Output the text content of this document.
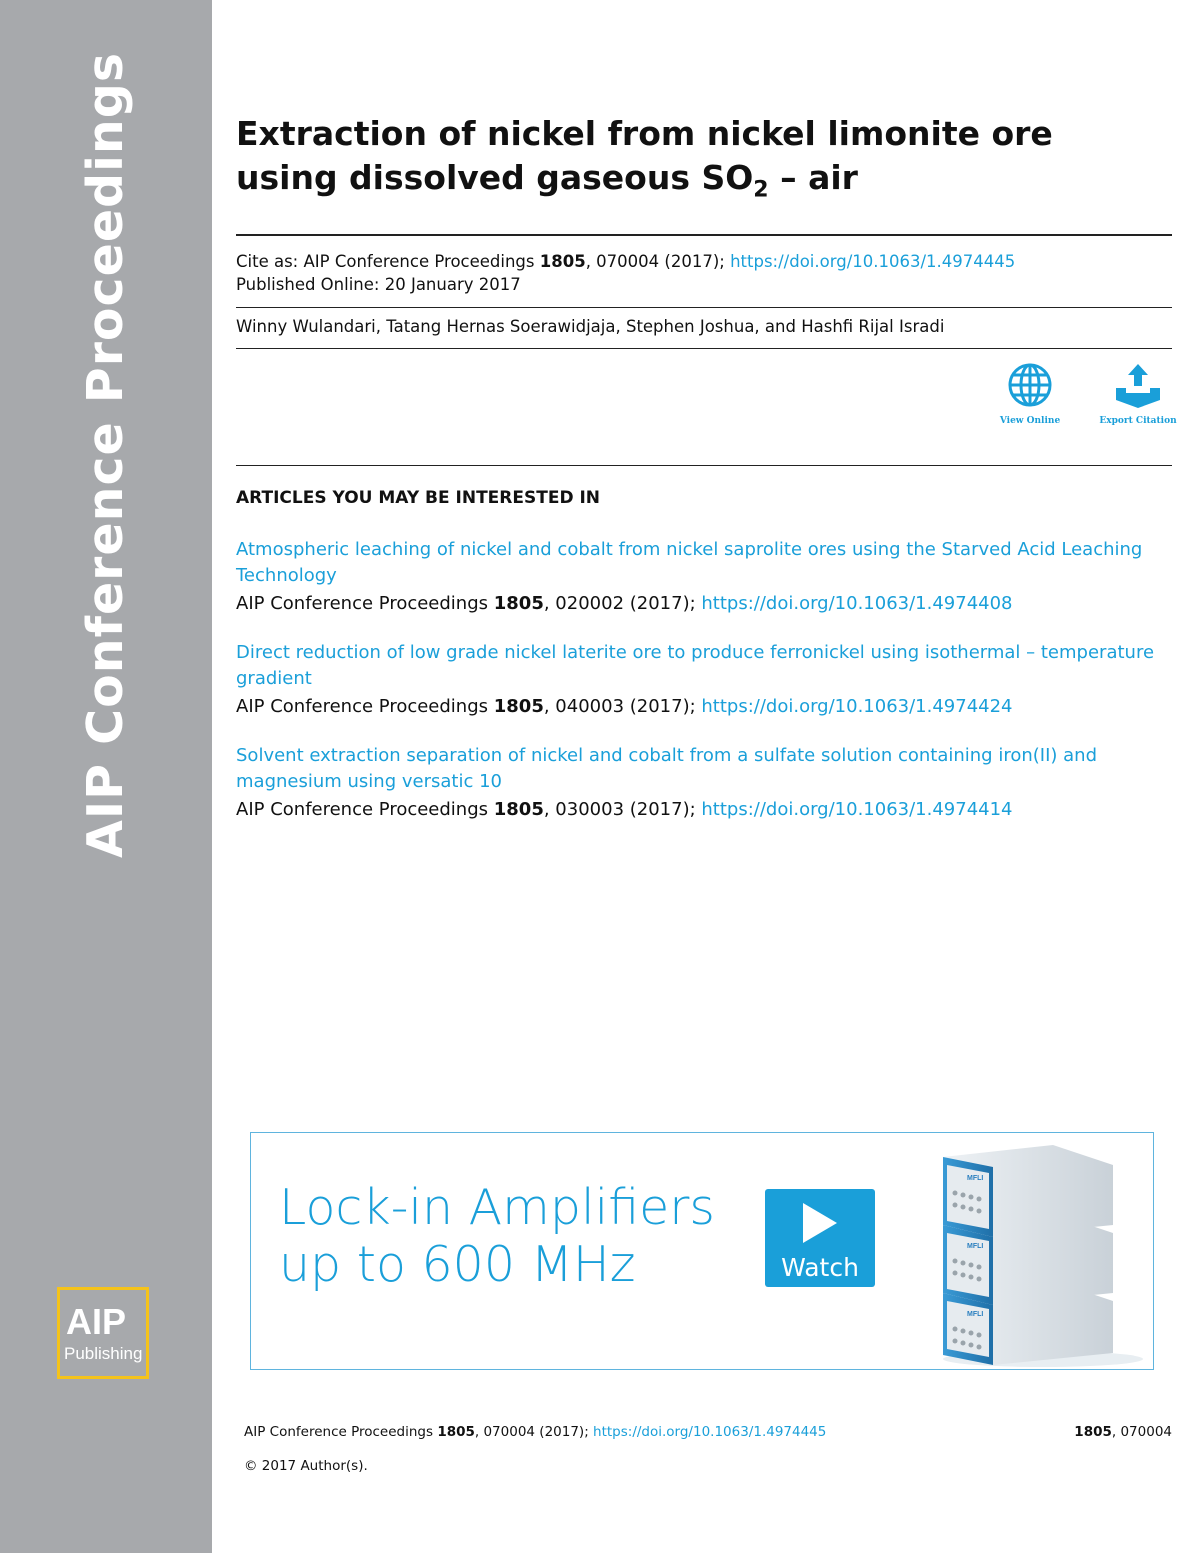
AIP Conference Proceedings
AIP
Publishing
Extraction of nickel from nickel limonite ore
using dissolved gaseous $SO_2$ – air
Cite as: AIP Conference Proceedings 1805, 070004 (2017); https://doi.org/10.1063/1.4974445
Published Online: 20 January 2017
Winny Wulandari, Tatang Hernas Soerawidjaja, Stephen Joshua, and Hashfi Rijal Isradi
View Online	Export Citation
ARTICLES YOU MAY BE INTERESTED IN
Atmospheric leaching of nickel and cobalt from nickel saprolite ores using the Starved Acid Leaching Technology
AIP Conference Proceedings 1805, 020002 (2017); https://doi.org/10.1063/1.4974408
Direct reduction of low grade nickel laterite ore to produce ferronickel using isothermal – temperature gradient
AIP Conference Proceedings 1805, 040003 (2017); https://doi.org/10.1063/1.4974424
Solvent extraction separation of nickel and cobalt from a sulfate solution containing iron(II) and magnesium using versatic 10
AIP Conference Proceedings 1805, 030003 (2017); https://doi.org/10.1063/1.4974414
Lock-in Amplifiers
up to 600 MHz	Watch
MFLI
MFLI
MFLI
AIP Conference Proceedings 1805, 070004 (2017); https://doi.org/10.1063/1.4974445	1805, 070004
© 2017 Author(s).
